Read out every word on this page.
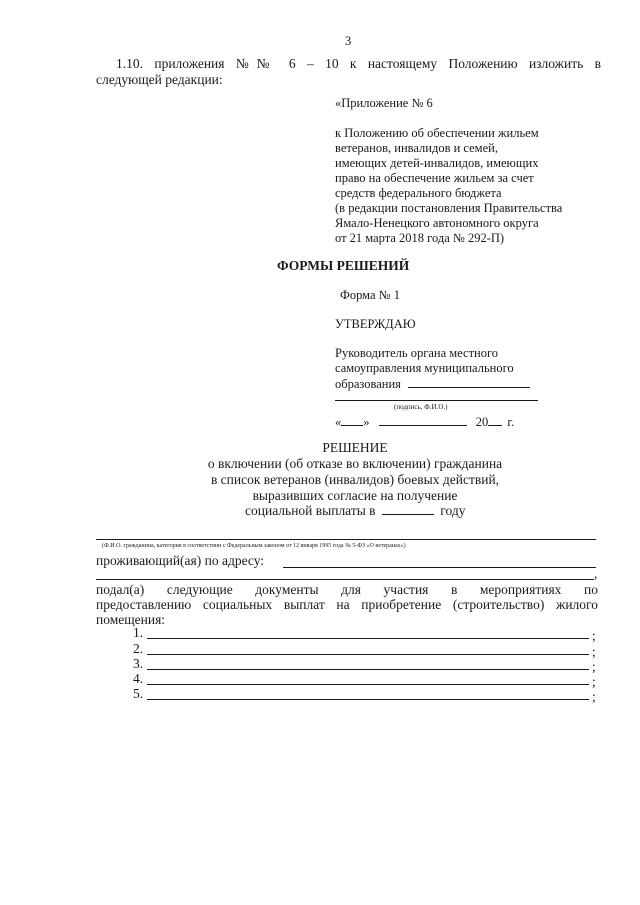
3
1.10. приложения №№ 6 – 10 к настоящему Положению изложить в
следующей редакции:
«Приложение № 6
к Положению об обеспечении жильем
ветеранов, инвалидов и семей,
имеющих детей-инвалидов, имеющих
право на обеспечение жильем за счет
средств федерального бюджета
(в редакции постановления Правительства
Ямало-Ненецкого автономного округа
от 21 марта 2018 года № 292-П)
ФОРМЫ РЕШЕНИЙ
Форма № 1
УТВЕРЖДАЮ
Руководитель органа местного
самоуправления муниципального
образования
(подпись, Ф.И.О.)
« »	20 г.
РЕШЕНИЕ
о включении (об отказе во включении) гражданина
в список ветеранов (инвалидов) боевых действий,
выразивших согласие на получение
социальной выплаты в	году
(Ф.И.О. гражданина, категория в соответствии с Федеральным законом от 12 января 1995 года № 5-ФЗ «О ветеранах»)
проживающий(ая) по адресу:
,
подал(а) следующие документы для участия в мероприятиях по
предоставлению социальных выплат на приобретение (строительство) жилого
помещения:
1.	;
2.	;
3.	;
4.	;
5.	;
